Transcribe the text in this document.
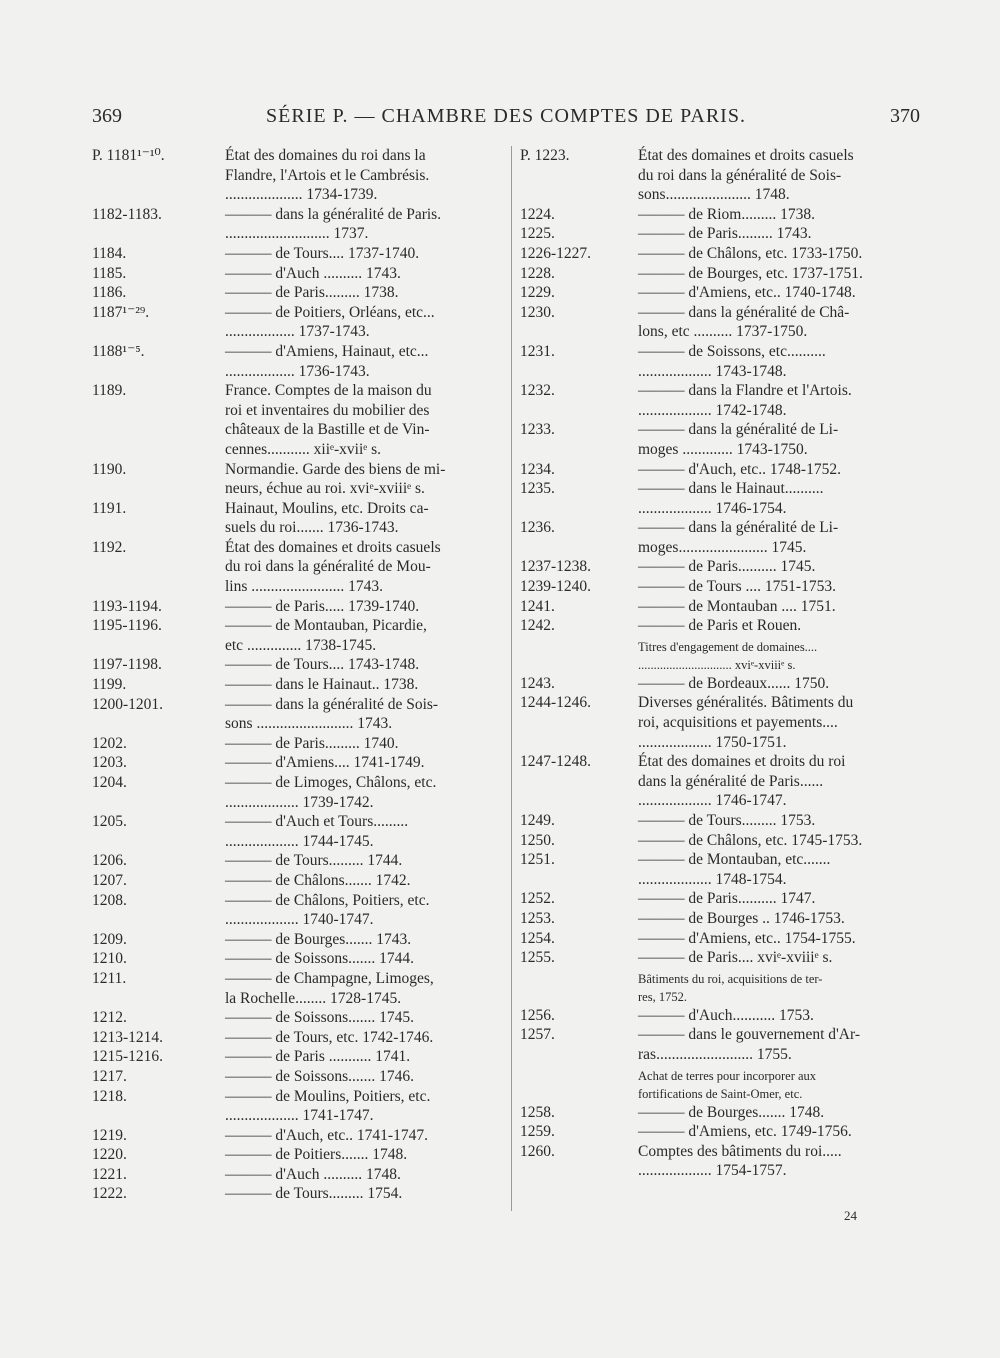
369	SÉRIE P. — CHAMBRE DES COMPTES DE PARIS.	370
P. 1181¹⁻¹⁰.	État des domaines du roi dans la
Flandre, l'Artois et le Cambrésis.
.................... 1734-1739.
1182-1183.	——— dans la généralité de Paris.
........................... 1737.
1184.	——— de Tours.... 1737-1740.
1185.	——— d'Auch .......... 1743.
1186.	——— de Paris......... 1738.
1187¹⁻²⁹.	——— de Poitiers, Orléans, etc...
.................. 1737-1743.
1188¹⁻⁵.	——— d'Amiens, Hainaut, etc...
.................. 1736-1743.
1189.	France. Comptes de la maison du
roi et inventaires du mobilier des
châteaux de la Bastille et de Vin-
cennes........... xiiᵉ-xviiᵉ s.
1190.	Normandie. Garde des biens de mi-
neurs, échue au roi. xviᵉ-xviiiᵉ s.
1191.	Hainaut, Moulins, etc. Droits ca-
suels du roi....... 1736-1743.
1192.	État des domaines et droits casuels
du roi dans la généralité de Mou-
lins ........................ 1743.
1193-1194.	——— de Paris..... 1739-1740.
1195-1196.	——— de Montauban, Picardie,
etc .............. 1738-1745.
1197-1198.	——— de Tours.... 1743-1748.
1199.	——— dans le Hainaut.. 1738.
1200-1201.	——— dans la généralité de Sois-
sons ......................... 1743.
1202.	——— de Paris......... 1740.
1203.	——— d'Amiens.... 1741-1749.
1204.	——— de Limoges, Châlons, etc.
................... 1739-1742.
1205.	——— d'Auch et Tours.........
................... 1744-1745.
1206.	——— de Tours......... 1744.
1207.	——— de Châlons....... 1742.
1208.	——— de Châlons, Poitiers, etc.
................... 1740-1747.
1209.	——— de Bourges....... 1743.
1210.	——— de Soissons....... 1744.
1211.	——— de Champagne, Limoges,
la Rochelle........ 1728-1745.
1212.	——— de Soissons....... 1745.
1213-1214.	——— de Tours, etc. 1742-1746.
1215-1216.	——— de Paris ........... 1741.
1217.	——— de Soissons....... 1746.
1218.	——— de Moulins, Poitiers, etc.
................... 1741-1747.
1219.	——— d'Auch, etc.. 1741-1747.
1220.	——— de Poitiers....... 1748.
1221.	——— d'Auch .......... 1748.
1222.	——— de Tours......... 1754.
P. 1223.	État des domaines et droits casuels
du roi dans la généralité de Sois-
sons...................... 1748.
1224.	——— de Riom......... 1738.
1225.	——— de Paris......... 1743.
1226-1227.	——— de Châlons, etc. 1733-1750.
1228.	——— de Bourges, etc. 1737-1751.
1229.	——— d'Amiens, etc.. 1740-1748.
1230.	——— dans la généralité de Châ-
lons, etc .......... 1737-1750.
1231.	——— de Soissons, etc..........
................... 1743-1748.
1232.	——— dans la Flandre et l'Artois.
................... 1742-1748.
1233.	——— dans la généralité de Li-
moges ............. 1743-1750.
1234.	——— d'Auch, etc.. 1748-1752.
1235.	——— dans le Hainaut..........
................... 1746-1754.
1236.	——— dans la généralité de Li-
moges....................... 1745.
1237-1238.	——— de Paris.......... 1745.
1239-1240.	——— de Tours .... 1751-1753.
1241.	——— de Montauban .... 1751.
1242.	——— de Paris et Rouen.
Titres d'engagement de domaines....
.............................. xviᵉ-xviiiᵉ s.
1243.	——— de Bordeaux...... 1750.
1244-1246.	Diverses généralités. Bâtiments du
roi, acquisitions et payements....
................... 1750-1751.
1247-1248.	État des domaines et droits du roi
dans la généralité de Paris......
................... 1746-1747.
1249.	——— de Tours......... 1753.
1250.	——— de Châlons, etc. 1745-1753.
1251.	——— de Montauban, etc.......
................... 1748-1754.
1252.	——— de Paris.......... 1747.
1253.	——— de Bourges .. 1746-1753.
1254.	——— d'Amiens, etc.. 1754-1755.
1255.	——— de Paris.... xviᵉ-xviiiᵉ s.
Bâtiments du roi, acquisitions de ter-
res, 1752.
1256.	——— d'Auch........... 1753.
1257.	——— dans le gouvernement d'Ar-
ras......................... 1755.
Achat de terres pour incorporer aux
fortifications de Saint-Omer, etc.
1258.	——— de Bourges....... 1748.
1259.	——— d'Amiens, etc. 1749-1756.
1260.	Comptes des bâtiments du roi.....
................... 1754-1757.
24
